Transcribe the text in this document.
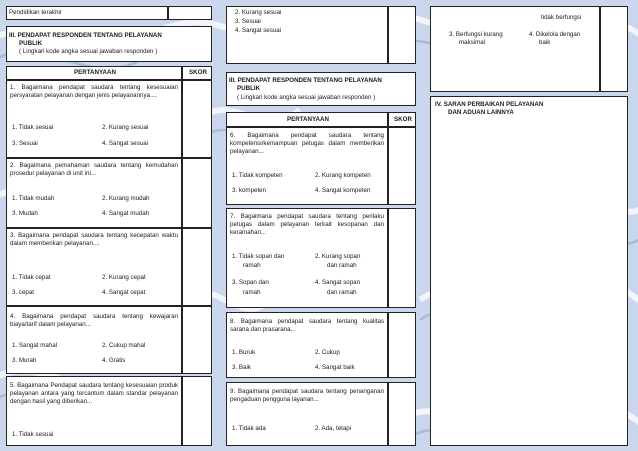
Pendidikan terakhir
III. PENDAPAT RESPONDEN TENTANG PELAYANAN
PUBLIK
( Lingkari kode angka sesuai jawaban responden )
PERTANYAAN	SKOR
1. Bagaimana pendapat saudara tentang kesesuaian persyaratan pelayanan dengan jenis pelayanannya....
1. Tidak sesuai	2. Kurang sesuai
3. Sesuai	4. Sangat sesuai
2. Bagaimana pemahaman saudara tentang kemudahan prosedur pelayanan di unit ini...
1. Tidak mudah	2. Kurang mudah
3. Mudah	4. Sangat mudah
3. Bagaimana pendapat saudara tentang kecepatan waktu dalam memberikan pelayanan....
1. Tidak cepat	2. Kurang cepat
3. cepat	4. Sangat cepat
4. Bagaimana pendapat saudara tentang kewajaran biaya/tarif dalam pelayanan...
1. Sangat mahal	2. Cukup mahal
3. Murah	4. Gratis
5. Bagaimana Pendapat saudara tentang kesesuaian produk pelayanan antara yang tercantum dalam standar pelayanan dengan hasil yang diberikan...
1. Tidak sesuai
2. Kurang sesuai
3. Sesuai
4. Sangat sesuai
III. PENDAPAT RESPONDEN TENTANG PELAYANAN
PUBLIK
( Lingkari kode angka sesuai jawaban responden )
PERTANYAAN	SKOR
6. Bagaimana pendapat saudara tentang kompetensi/kemampuan petugas dalam memberikan pelayanan...
1. Tidak kompeten	2. Kurang kompeten
3. kompeten	4. Sangat kompeten
7. Bagaimana pendapat saudara tentang perilaku petugas dalam pelayanan terkait kesopanan dan keramahan...
1. Tidak sopan dan
ramah
2. Kurang sopan
dan ramah
3. Sopan dan
ramah
4. Sangat sopan
dan ramah
8. Bagaimana pendapat saudara tentang kualitas sarana dan prasarana...
1. Buruk	2. Cukup
3. Baik	4. Sangat baik
9. Bagaimana pendapat saudara tentang penanganan pengaduan pengguna layanan...
1. Tidak ada	2. Ada, tetapi
tidak berfungsi
3. Berfungsi kurang
maksimal
4. Dikelola dengan
baik
IV. SARAN PERBAIKAN PELAYANAN
DAN ADUAN LAINNYA
